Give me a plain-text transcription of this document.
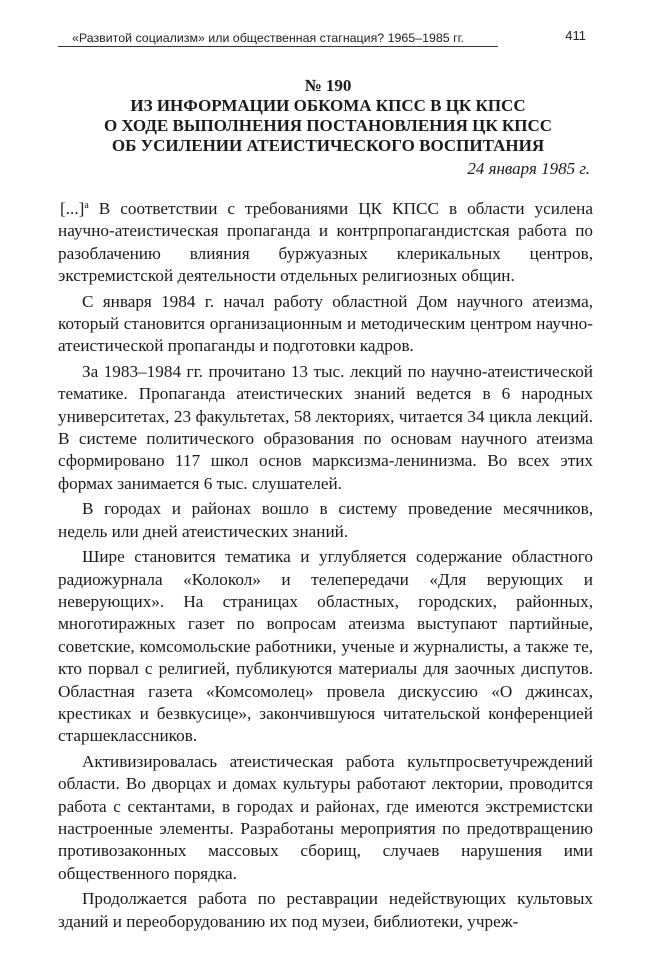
«Развитой социализм» или общественная стагнация? 1965–1985 гг.	411
№ 190
ИЗ ИНФОРМАЦИИ ОБКОМА КПСС В ЦК КПСС
О ХОДЕ ВЫПОЛНЕНИЯ ПОСТАНОВЛЕНИЯ ЦК КПСС
ОБ УСИЛЕНИИ АТЕИСТИЧЕСКОГО ВОСПИТАНИЯ
24 января 1985 г.

[...]$^а$ В соответствии с требованиями ЦК КПСС в области усилена научно-атеистическая пропаганда и контрпропагандистская работа по разоблачению влияния буржуазных клерикальных центров, экстремистской деятельности отдельных религиозных общин.

С января 1984 г. начал работу областной Дом научного атеизма, который становится организационным и методическим центром научно-атеистической пропаганды и подготовки кадров.

За 1983–1984 гг. прочитано 13 тыс. лекций по научно-атеистической тематике. Пропаганда атеистических знаний ведется в 6 народных университетах, 23 факультетах, 58 лекториях, читается 34 цикла лекций. В системе политического образования по основам научного атеизма сформировано 117 школ основ марксизма-ленинизма. Во всех этих формах занимается 6 тыс. слушателей.

В городах и районах вошло в систему проведение месячников, недель или дней атеистических знаний.

Шире становится тематика и углубляется содержание областного радиожурнала «Колокол» и телепередачи «Для верующих и неверующих». На страницах областных, городских, районных, многотиражных газет по вопросам атеизма выступают партийные, советские, комсомольские работники, ученые и журналисты, а также те, кто порвал с религией, публикуются материалы для заочных диспутов. Областная газета «Комсомолец» провела дискуссию «О джинсах, крестиках и безвкусице», закончившуюся читательской конференцией старшеклассников.

Активизировалась атеистическая работа культпросветучреждений области. Во дворцах и домах культуры работают лектории, проводится работа с сектантами, в городах и районах, где имеются экстремистски настроенные элементы. Разработаны мероприятия по предотвращению противозаконных массовых сборищ, случаев нарушения ими общественного порядка.

Продолжается работа по реставрации недействующих культовых зданий и переоборудованию их под музеи, библиотеки, учреж-
